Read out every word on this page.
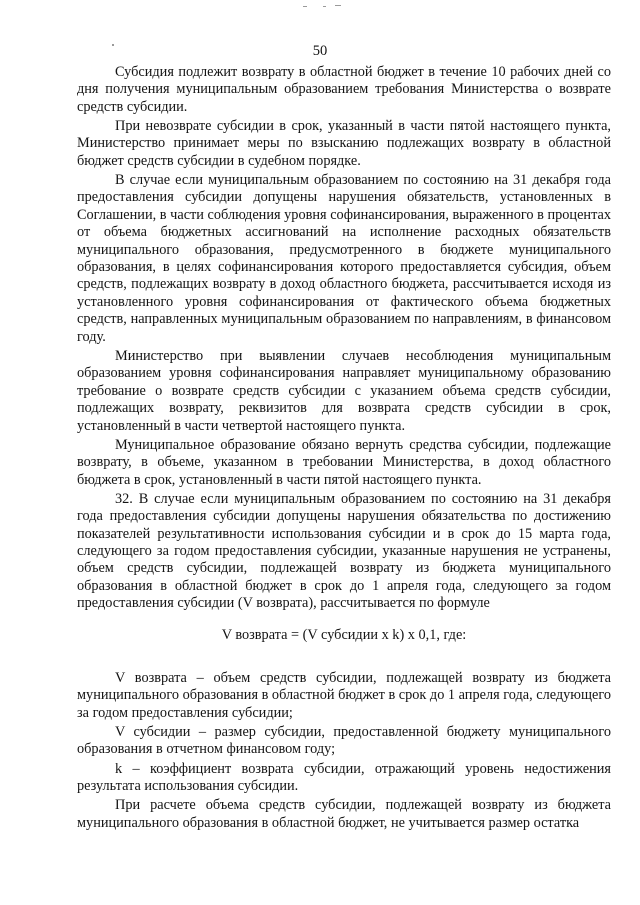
50

Субсидия подлежит возврату в областной бюджет в течение 10 рабочих дней со дня получения муниципальным образованием требования Министерства о возврате средств субсидии.

При невозврате субсидии в срок, указанный в части пятой настоящего пункта, Министерство принимает меры по взысканию подлежащих возврату в областной бюджет средств субсидии в судебном порядке.

В случае если муниципальным образованием по состоянию на 31 декабря года предоставления субсидии допущены нарушения обязательств, установленных в Соглашении, в части соблюдения уровня софинансирования, выраженного в процентах от объема бюджетных ассигнований на исполнение расходных обязательств муниципального образования, предусмотренного в бюджете муниципального образования, в целях софинансирования которого предоставляется субсидия, объем средств, подлежащих возврату в доход областного бюджета, рассчитывается исходя из установленного уровня софинансирования от фактического объема бюджетных средств, направленных муниципальным образованием по направлениям, в финансовом году.

Министерство при выявлении случаев несоблюдения муниципальным образованием уровня софинансирования направляет муниципальному образованию требование о возврате средств субсидии с указанием объема средств субсидии, подлежащих возврату, реквизитов для возврата средств субсидии в срок, установленный в части четвертой настоящего пункта.

Муниципальное образование обязано вернуть средства субсидии, подлежащие возврату, в объеме, указанном в требовании Министерства, в доход областного бюджета в срок, установленный в части пятой настоящего пункта.

32. В случае если муниципальным образованием по состоянию на 31 декабря года предоставления субсидии допущены нарушения обязательства по достижению показателей результативности использования субсидии и в срок до 15 марта года, следующего за годом предоставления субсидии, указанные нарушения не устранены, объем средств субсидии, подлежащей возврату из бюджета муниципального образования в областной бюджет в срок до 1 апреля года, следующего за годом предоставления субсидии (V возврата), рассчитывается по формуле

V возврата = (V субсидии x k) x 0,1, где:

V возврата – объем средств субсидии, подлежащей возврату из бюджета муниципального образования в областной бюджет в срок до 1 апреля года, следующего за годом предоставления субсидии;

V субсидии – размер субсидии, предоставленной бюджету муниципального образования в отчетном финансовом году;

k – коэффициент возврата субсидии, отражающий уровень недостижения результата использования субсидии.

При расчете объема средств субсидии, подлежащей возврату из бюджета муниципального образования в областной бюджет, не учитывается размер остатка
